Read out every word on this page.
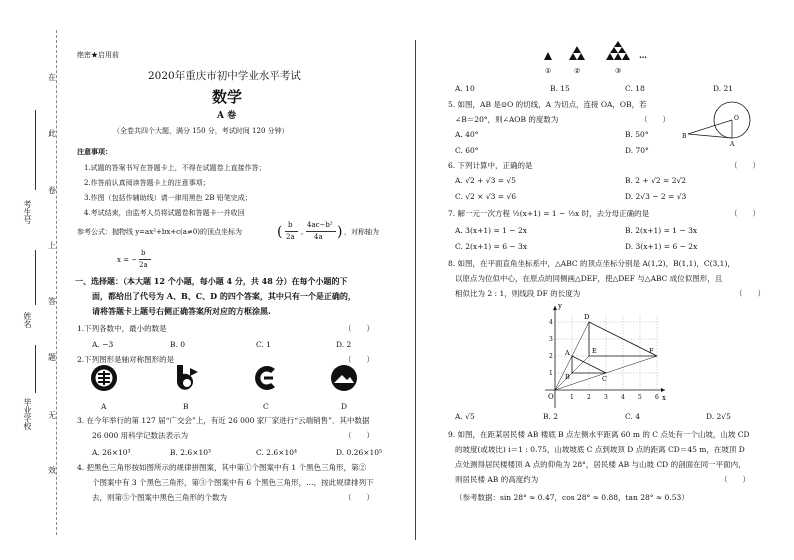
在
此
卷
上
答
题
无
效
考生号
姓名
毕业学校
绝密★启用前
2020年重庆市初中学业水平考试
数学
A 卷
（全卷共四个大题，满分 150 分，考试时间 120 分钟）
注意事项：
1.试题的答案书写在答题卡上，不得在试题卷上直接作答；
2.作答前认真阅读答题卡上的注意事项；
3.作图（包括作辅助线）请一律用黑色 2B 铅笔完成；
4.考试结束，由监考人员将试题卷和答题卡一并收回
参考公式：抛物线 y=ax²+bx+c(a≠0)的顶点坐标为 ( b
2a
,
4ac−b²
4a ) ，对称轴为
x = −
b
2a
一、选择题：（本大题 12 个小题，每小题 4 分，共 48 分）在每个小题的下
面，都给出了代号为 A、B、C、D 的四个答案，其中只有一个是正确的，
请将答题卡上题号右侧正确答案所对应的方框涂黑.
1.下列各数中，最小的数是	（　　）
A. −3	B. 0	C. 1	D. 2
2.下列图形是轴对称图形的是	（　　）
A	B	C	D
3. 在今年举行的第 127 届“广交会”上，有近 26 000 家厂家进行“云端销售”．其中数据
26 000 用科学记数法表示为	（　　）
A. 26×10³	B. 2.6×10³	C. 2.6×10⁴	D. 0.26×10⁵
4. 把黑色三角形按如图所示的规律拼图案，其中第①个图案中有 1 个黑色三角形，第②
个图案中有 3 个黑色三角形，第③个图案中有 6 个黑色三角形，…，按此规律排列下
去，则第⑤个图案中黑色三角形的个数为	（　　）
①	②	③
…
A. 10	B. 15	C. 18	D. 21
5. 如图，AB 是⊙O 的切线，A 为切点，连接 OA，OB，若
∠B＝20°，则∠AOB 的度数为	（　　）
A. 40°	B. 50°
C. 60°	D. 70°
O
B
A
6. 下列计算中，正确的是	（　　）
A. √2 + √3 = √5	B. 2 + √2 = 2√2
C. √2 × √3 = √6	D. 2√3 − 2 = √3
7. 解一元一次方程 ½(x+1) = 1 − ⅓x 时，去分母正确的是	（　　）
A. 3(x+1) = 1 − 2x	B. 2(x+1) = 1 − 3x
C. 2(x+1) = 6 − 3x	D. 3(x+1) = 6 − 2x
8. 如图，在平面直角坐标系中，△ABC 的顶点坐标分别是 A(1,2)，B(1,1)，C(3,1)，
以原点为位似中心，在原点的同侧画△DEF，使△DEF 与△ABC 成位似图形，且
相似比为 2 : 1，则线段 DF 的长度为	（　　）
y
x
O
A
B	C
D
E	F
1 2 3 4 5 6
1
2
3
4
A. √5	B. 2	C. 4	D. 2√5
9. 如图，在距某居民楼 AB 楼底 B 点左侧水平距离 60 m 的 C 点处有一个山坡，山坡 CD
的坡度(或坡比) i＝1 : 0.75，山坡坡底 C 点到坡顶 D 点的距离 CD＝45 m，在坡顶 D
点处测得居民楼楼顶 A 点的仰角为 28°，居民楼 AB 与山坡 CD 的剖面在同一平面内，
则居民楼 AB 的高度约为	（　　）
（参考数据：sin 28° ≈ 0.47，cos 28° ≈ 0.88，tan 28° ≈ 0.53）
